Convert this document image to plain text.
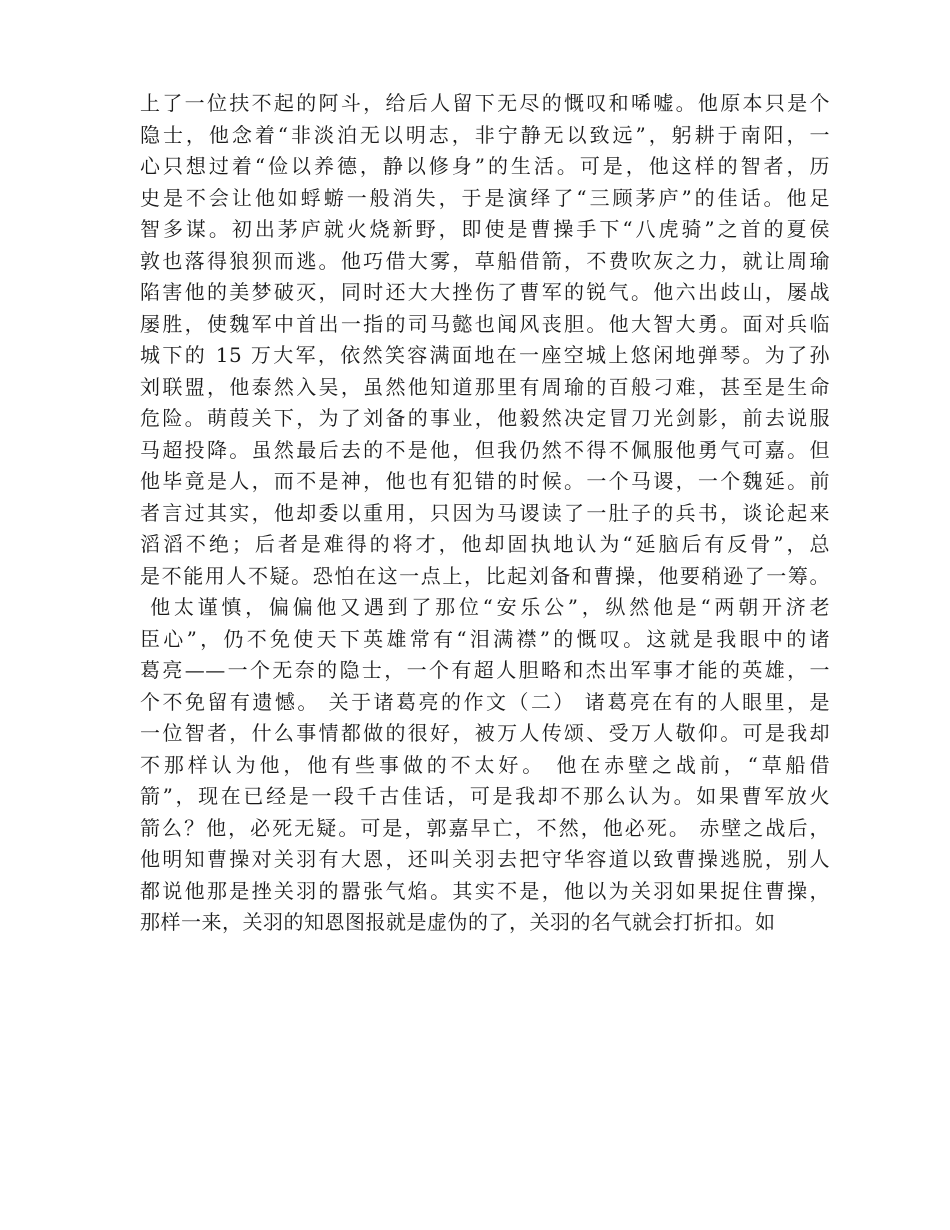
上了一位扶不起的阿斗，给后人留下无尽的慨叹和唏嘘。他原本只是个
隐士，他念着“非淡泊无以明志，非宁静无以致远”，躬耕于南阳，一
心只想过着“俭以养德，静以修身”的生活。可是，他这样的智者，历
史是不会让他如蜉蝣一般消失，于是演绎了“三顾茅庐”的佳话。他足
智多谋。初出茅庐就火烧新野，即使是曹操手下“八虎骑”之首的夏侯
敦也落得狼狈而逃。他巧借大雾，草船借箭，不费吹灰之力，就让周瑜
陷害他的美梦破灭，同时还大大挫伤了曹军的锐气。他六出歧山，屡战
屡胜，使魏军中首出一指的司马懿也闻风丧胆。他大智大勇。面对兵临
城下的 15 万大军，依然笑容满面地在一座空城上悠闲地弹琴。为了孙
刘联盟，他泰然入吴，虽然他知道那里有周瑜的百般刁难，甚至是生命
危险。萌葭关下，为了刘备的事业，他毅然决定冒刀光剑影，前去说服
马超投降。虽然最后去的不是他，但我仍然不得不佩服他勇气可嘉。但
他毕竟是人，而不是神，他也有犯错的时候。一个马谡，一个魏延。前
者言过其实，他却委以重用，只因为马谡读了一肚子的兵书，谈论起来
滔滔不绝；后者是难得的将才，他却固执地认为“延脑后有反骨”，总
是不能用人不疑。恐怕在这一点上，比起刘备和曹操，他要稍逊了一筹。
他太谨慎，偏偏他又遇到了那位“安乐公”，纵然他是“两朝开济老
臣心”，仍不免使天下英雄常有“泪满襟”的慨叹。这就是我眼中的诸
葛亮——一个无奈的隐士，一个有超人胆略和杰出军事才能的英雄，一
个不免留有遗憾。 关于诸葛亮的作文（二） 诸葛亮在有的人眼里，是
一位智者，什么事情都做的很好，被万人传颂、受万人敬仰。可是我却
不那样认为他，他有些事做的不太好。 他在赤壁之战前，“草船借
箭”，现在已经是一段千古佳话，可是我却不那么认为。如果曹军放火
箭么？他，必死无疑。可是，郭嘉早亡，不然，他必死。 赤壁之战后，
他明知曹操对关羽有大恩，还叫关羽去把守华容道以致曹操逃脱，别人
都说他那是挫关羽的嚣张气焰。其实不是，他以为关羽如果捉住曹操，
那样一来，关羽的知恩图报就是虚伪的了，关羽的名气就会打折扣。如
